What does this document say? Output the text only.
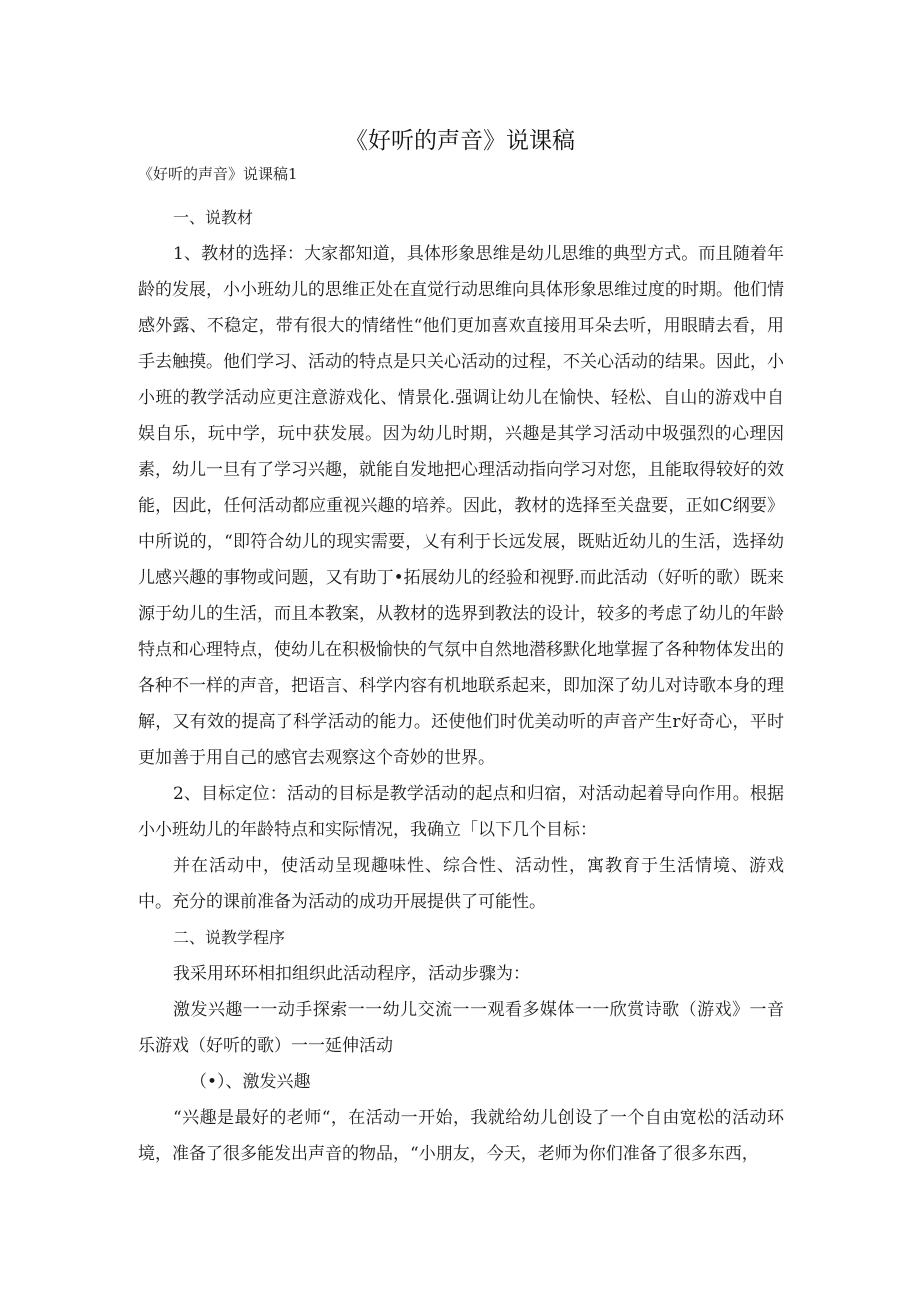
《好听的声音》说课稿
《好听的声音》说课稿1

一、说教材

1、教材的选择：大家都知道，具体形象思维是幼儿思维的典型方式。而且随着年龄的发展，小小班幼儿的思维正处在直觉行动思维向具体形象思维过度的时期。他们情感外露、不稳定，带有很大的情绪性“他们更加喜欢直接用耳朵去听，用眼睛去看，用手去触摸。他们学习、活动的特点是只关心活动的过程，不关心活动的结果。因此，小小班的教学活动应更注意游戏化、情景化.强调让幼儿在愉快、轻松、自山的游戏中自娱自乐，玩中学，玩中获发展。因为幼儿时期，兴趣是其学习活动中圾强烈的心理因素，幼儿一旦有了学习兴趣，就能自发地把心理活动指向学习对您，且能取得较好的效能，因此，任何活动都应重视兴趣的培养。因此，教材的选择至关盘要，正如C纲要》中所说的，“即符合幼儿的现实需要，乂有利于长远发展，既贴近幼儿的生活，选择幼儿感兴趣的事物或问题，又有助丁•拓展幼儿的经验和视野.而此活动（好听的歌）既来源于幼儿的生活，而且本教案，从教材的选界到教法的设计，较多的考虑了幼儿的年龄特点和心理特点，使幼儿在积极愉快的气氛中自然地潜移默化地掌握了各种物体发出的各种不一样的声音，把语言、科学内容有机地联系起来，即加深了幼儿对诗歌本身的理解，又有效的提高了科学活动的能力。还使他们时优美动听的声音产生r好奇心，平时更加善于用自己的感官去观察这个奇妙的世界。

2、目标定位：活动的目标是教学活动的起点和归宿，对活动起着导向作用。根据小小班幼儿的年龄特点和实际情况，我确立「以下几个目标：

并在活动中，使活动呈现趣味性、综合性、活动性，寓教育于生活情境、游戏中。充分的课前准备为活动的成功开展提供了可能性。

二、说教学程序

我采用环环相扣组织此活动程序，活动步骤为：

激发兴趣一一动手探索一一幼儿交流一一观看多媒体一一欣赏诗歌（游戏》一音乐游戏（好听的歌）一一延伸活动

（•）、激发兴趣

“兴趣是最好的老师“，在活动一开始，我就给幼儿创设了一个自由宽松的活动环境，准备了很多能发出声音的物品，“小朋友，今天，老师为你们准备了很多东西，
